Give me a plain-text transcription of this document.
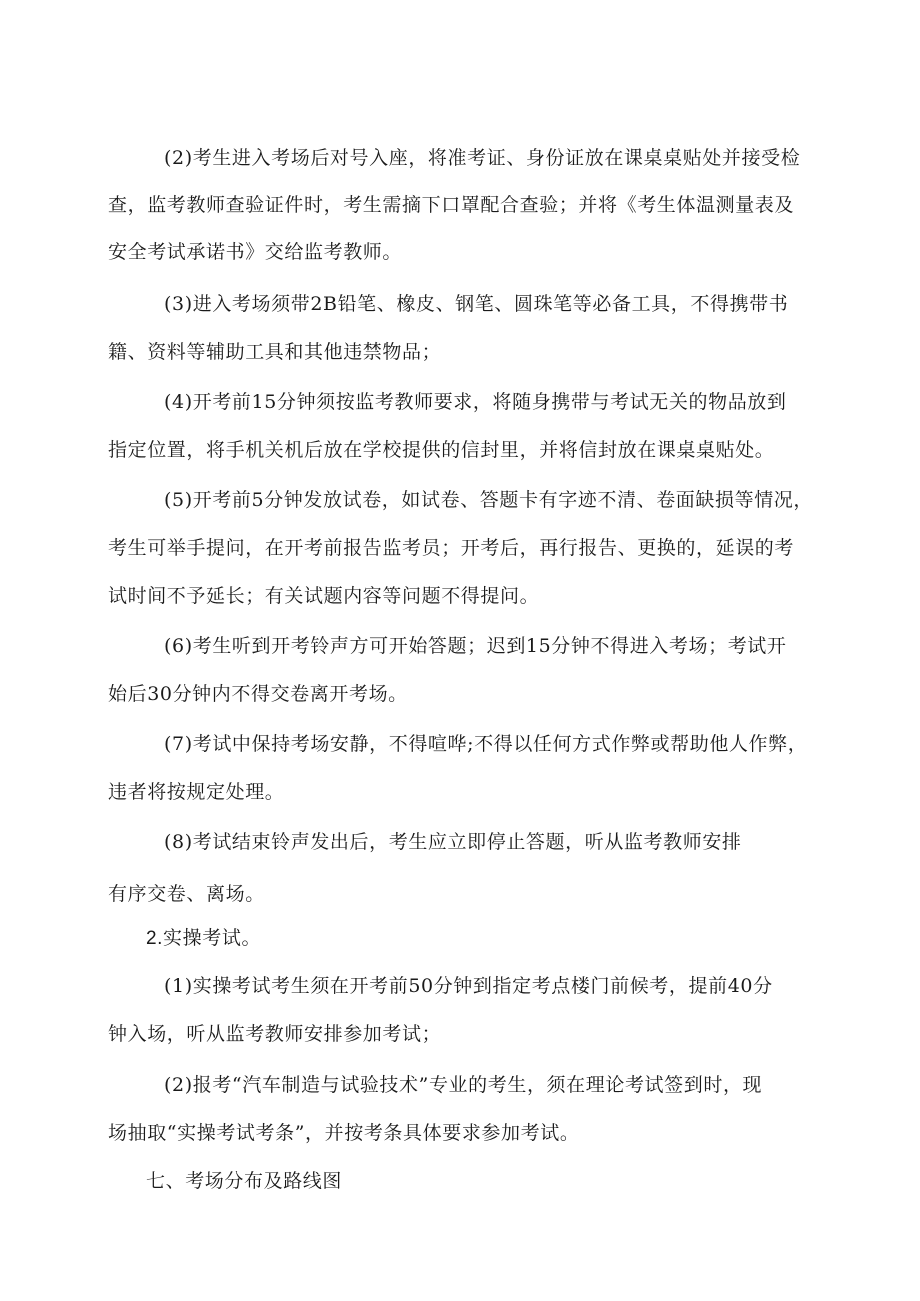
(2)考生进入考场后对号入座，将准考证、身份证放在课桌桌贴处并接受检
查，监考教师查验证件时，考生需摘下口罩配合查验；并将《考生体温测量表及
安全考试承诺书》交给监考教师。
(3)进入考场须带2B铅笔、橡皮、钢笔、圆珠笔等必备工具，不得携带书
籍、资料等辅助工具和其他违禁物品；
(4)开考前15分钟须按监考教师要求，将随身携带与考试无关的物品放到
指定位置，将手机关机后放在学校提供的信封里，并将信封放在课桌桌贴处。
(5)开考前5分钟发放试卷，如试卷、答题卡有字迹不清、卷面缺损等情况，
考生可举手提问，在开考前报告监考员；开考后，再行报告、更换的，延误的考
试时间不予延长；有关试题内容等问题不得提问。
(6)考生听到开考铃声方可开始答题；迟到15分钟不得进入考场；考试开
始后30分钟内不得交卷离开考场。
(7)考试中保持考场安静，不得喧哗;不得以任何方式作弊或帮助他人作弊，
违者将按规定处理。
(8)考试结束铃声发出后，考生应立即停止答题，听从监考教师安排
有序交卷、离场。
2.实操考试。
(1)实操考试考生须在开考前50分钟到指定考点楼门前候考，提前40分
钟入场，听从监考教师安排参加考试；
(2)报考“汽车制造与试验技术”专业的考生，须在理论考试签到时，现
场抽取“实操考试考条”，并按考条具体要求参加考试。
七、考场分布及路线图
